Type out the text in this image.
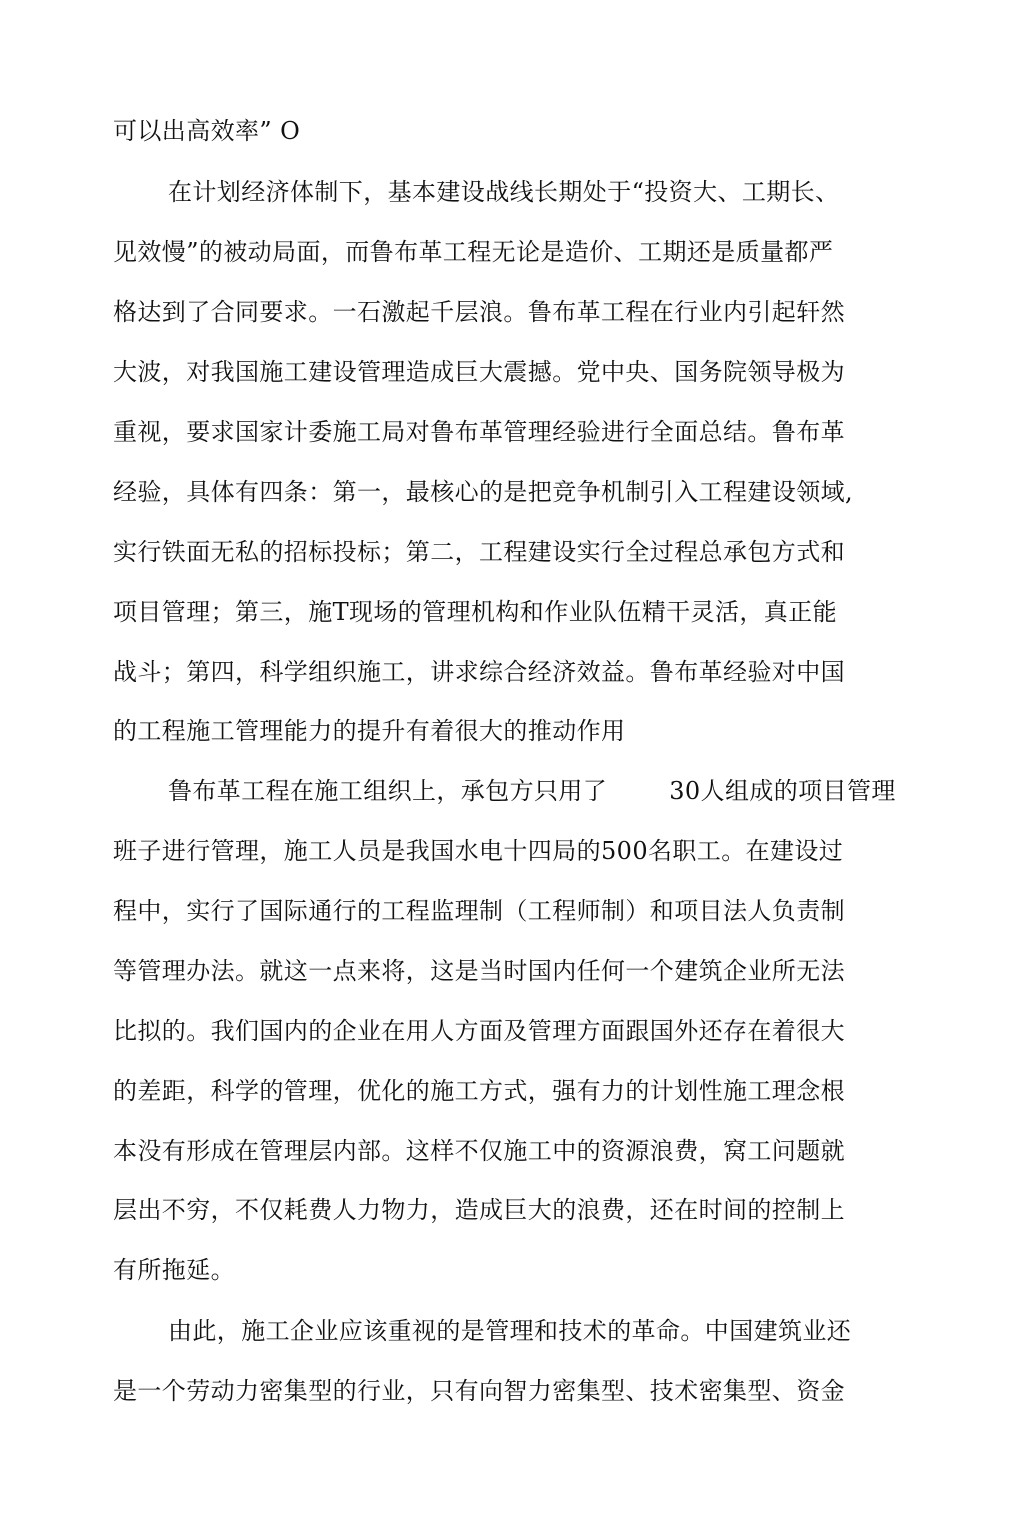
可以出高效率” O
在计划经济体制下，基本建设战线长期处于“投资大、工期长、
见效慢”的被动局面，而鲁布革工程无论是造价、工期还是质量都严
格达到了合同要求。一石激起千层浪。鲁布革工程在行业内引起轩然
大波，对我国施工建设管理造成巨大震撼。党中央、国务院领导极为
重视，要求国家计委施工局对鲁布革管理经验进行全面总结。鲁布革
经验，具体有四条：第一，最核心的是把竞争机制引入工程建设领域,
实行铁面无私的招标投标；第二，工程建设实行全过程总承包方式和
项目管理；第三，施T现场的管理机构和作业队伍精干灵活，真正能
战斗；第四，科学组织施工，讲求综合经济效益。鲁布革经验对中国
的工程施工管理能力的提升有着很大的推动作用
鲁布革工程在施工组织上，承包方只用了	30人组成的项目管理
班子进行管理，施工人员是我国水电十四局的500名职工。在建设过
程中，实行了国际通行的工程监理制（工程师制）和项目法人负责制
等管理办法。就这一点来将，这是当时国内任何一个建筑企业所无法
比拟的。我们国内的企业在用人方面及管理方面跟国外还存在着很大
的差距，科学的管理，优化的施工方式，强有力的计划性施工理念根
本没有形成在管理层内部。这样不仅施工中的资源浪费，窝工问题就
层出不穷，不仅耗费人力物力，造成巨大的浪费，还在时间的控制上
有所拖延。
由此，施工企业应该重视的是管理和技术的革命。中国建筑业还
是一个劳动力密集型的行业，只有向智力密集型、技术密集型、资金
